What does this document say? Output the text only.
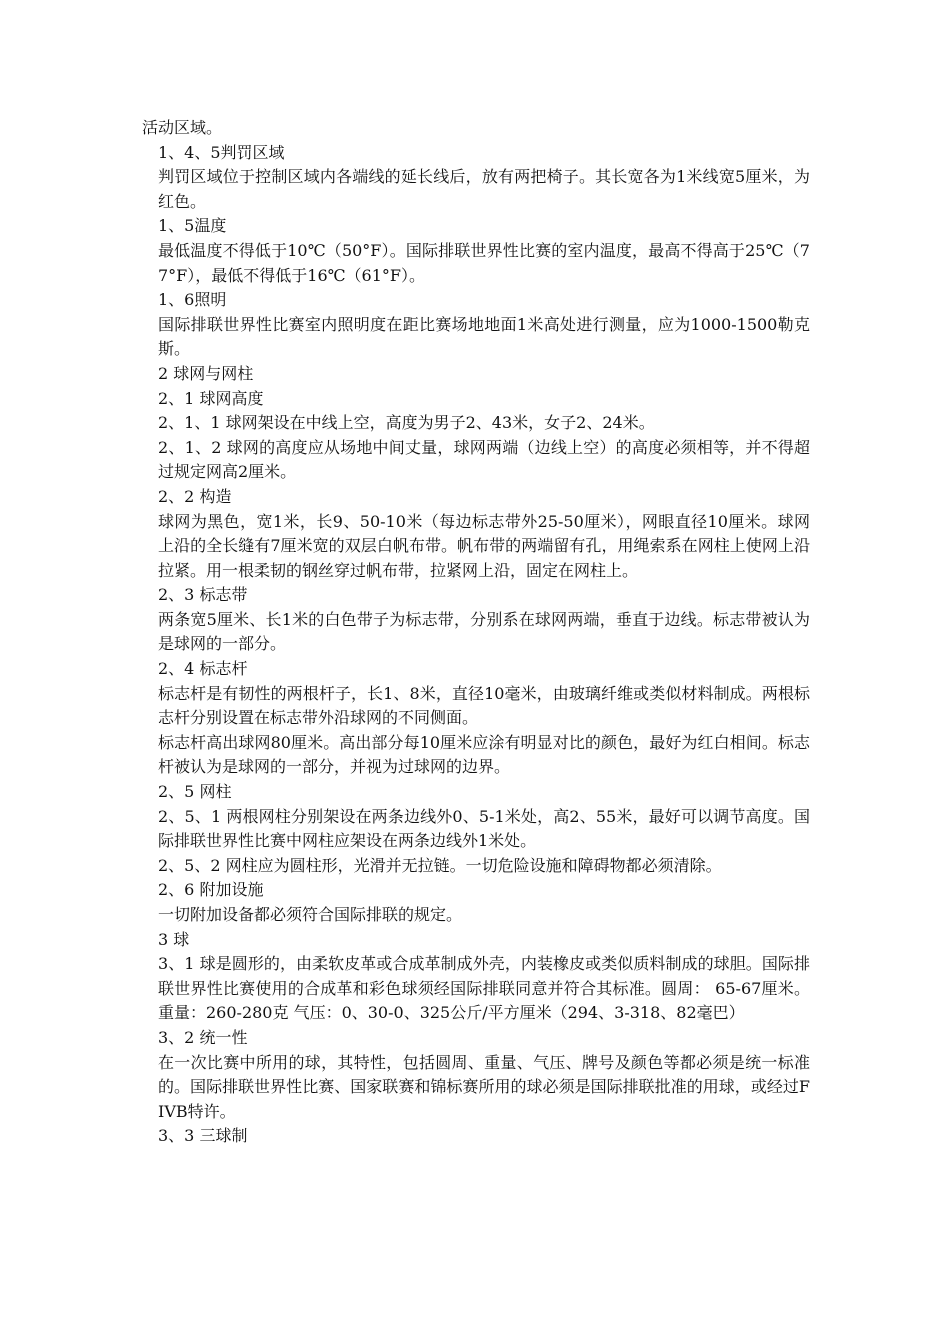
活动区域。

1、4、5判罚区域

判罚区域位于控制区域内各端线的延长线后，放有两把椅子。其长宽各为1米线宽5厘米，为红色。

1、5温度

最低温度不得低于10℃（50°F）。国际排联世界性比赛的室内温度，最高不得高于25℃（77°F），最低不得低于16℃（61°F）。

1、6照明

国际排联世界性比赛室内照明度在距比赛场地地面1米高处进行测量，应为1000-1500勒克斯。

2 球网与网柱

2、1 球网高度

2、1、1 球网架设在中线上空，高度为男子2、43米，女子2、24米。

2、1、2 球网的高度应从场地中间丈量，球网两端（边线上空）的高度必须相等，并不得超过规定网高2厘米。

2、2 构造

球网为黑色，宽1米，长9、50-10米（每边标志带外25-50厘米），网眼直径10厘米。球网上沿的全长缝有7厘米宽的双层白帆布带。帆布带的两端留有孔，用绳索系在网柱上使网上沿拉紧。用一根柔韧的钢丝穿过帆布带，拉紧网上沿，固定在网柱上。

2、3 标志带

两条宽5厘米、长1米的白色带子为标志带，分别系在球网两端，垂直于边线。标志带被认为是球网的一部分。

2、4 标志杆

标志杆是有韧性的两根杆子，长1、8米，直径10毫米，由玻璃纤维或类似材料制成。两根标志杆分别设置在标志带外沿球网的不同侧面。

标志杆高出球网80厘米。高出部分每10厘米应涂有明显对比的颜色，最好为红白相间。标志杆被认为是球网的一部分，并视为过球网的边界。

2、5 网柱

2、5、1 两根网柱分别架设在两条边线外0、5-1米处，高2、55米，最好可以调节高度。国际排联世界性比赛中网柱应架设在两条边线外1米处。

2、5、2 网柱应为圆柱形，光滑并无拉链。一切危险设施和障碍物都必须清除。

2、6 附加设施

一切附加设备都必须符合国际排联的规定。

3 球

3、1 球是圆形的，由柔软皮革或合成革制成外壳，内装橡皮或类似质料制成的球胆。国际排联世界性比赛使用的合成革和彩色球须经国际排联同意并符合其标准。圆周： 65-67厘米。重量：260-280克 气压：0、30-0、325公斤/平方厘米（294、3-318、82毫巴）

3、2 统一性

在一次比赛中所用的球，其特性，包括圆周、重量、气压、牌号及颜色等都必须是统一标准的。国际排联世界性比赛、国家联赛和锦标赛所用的球必须是国际排联批准的用球，或经过FIVB特许。

3、3 三球制
